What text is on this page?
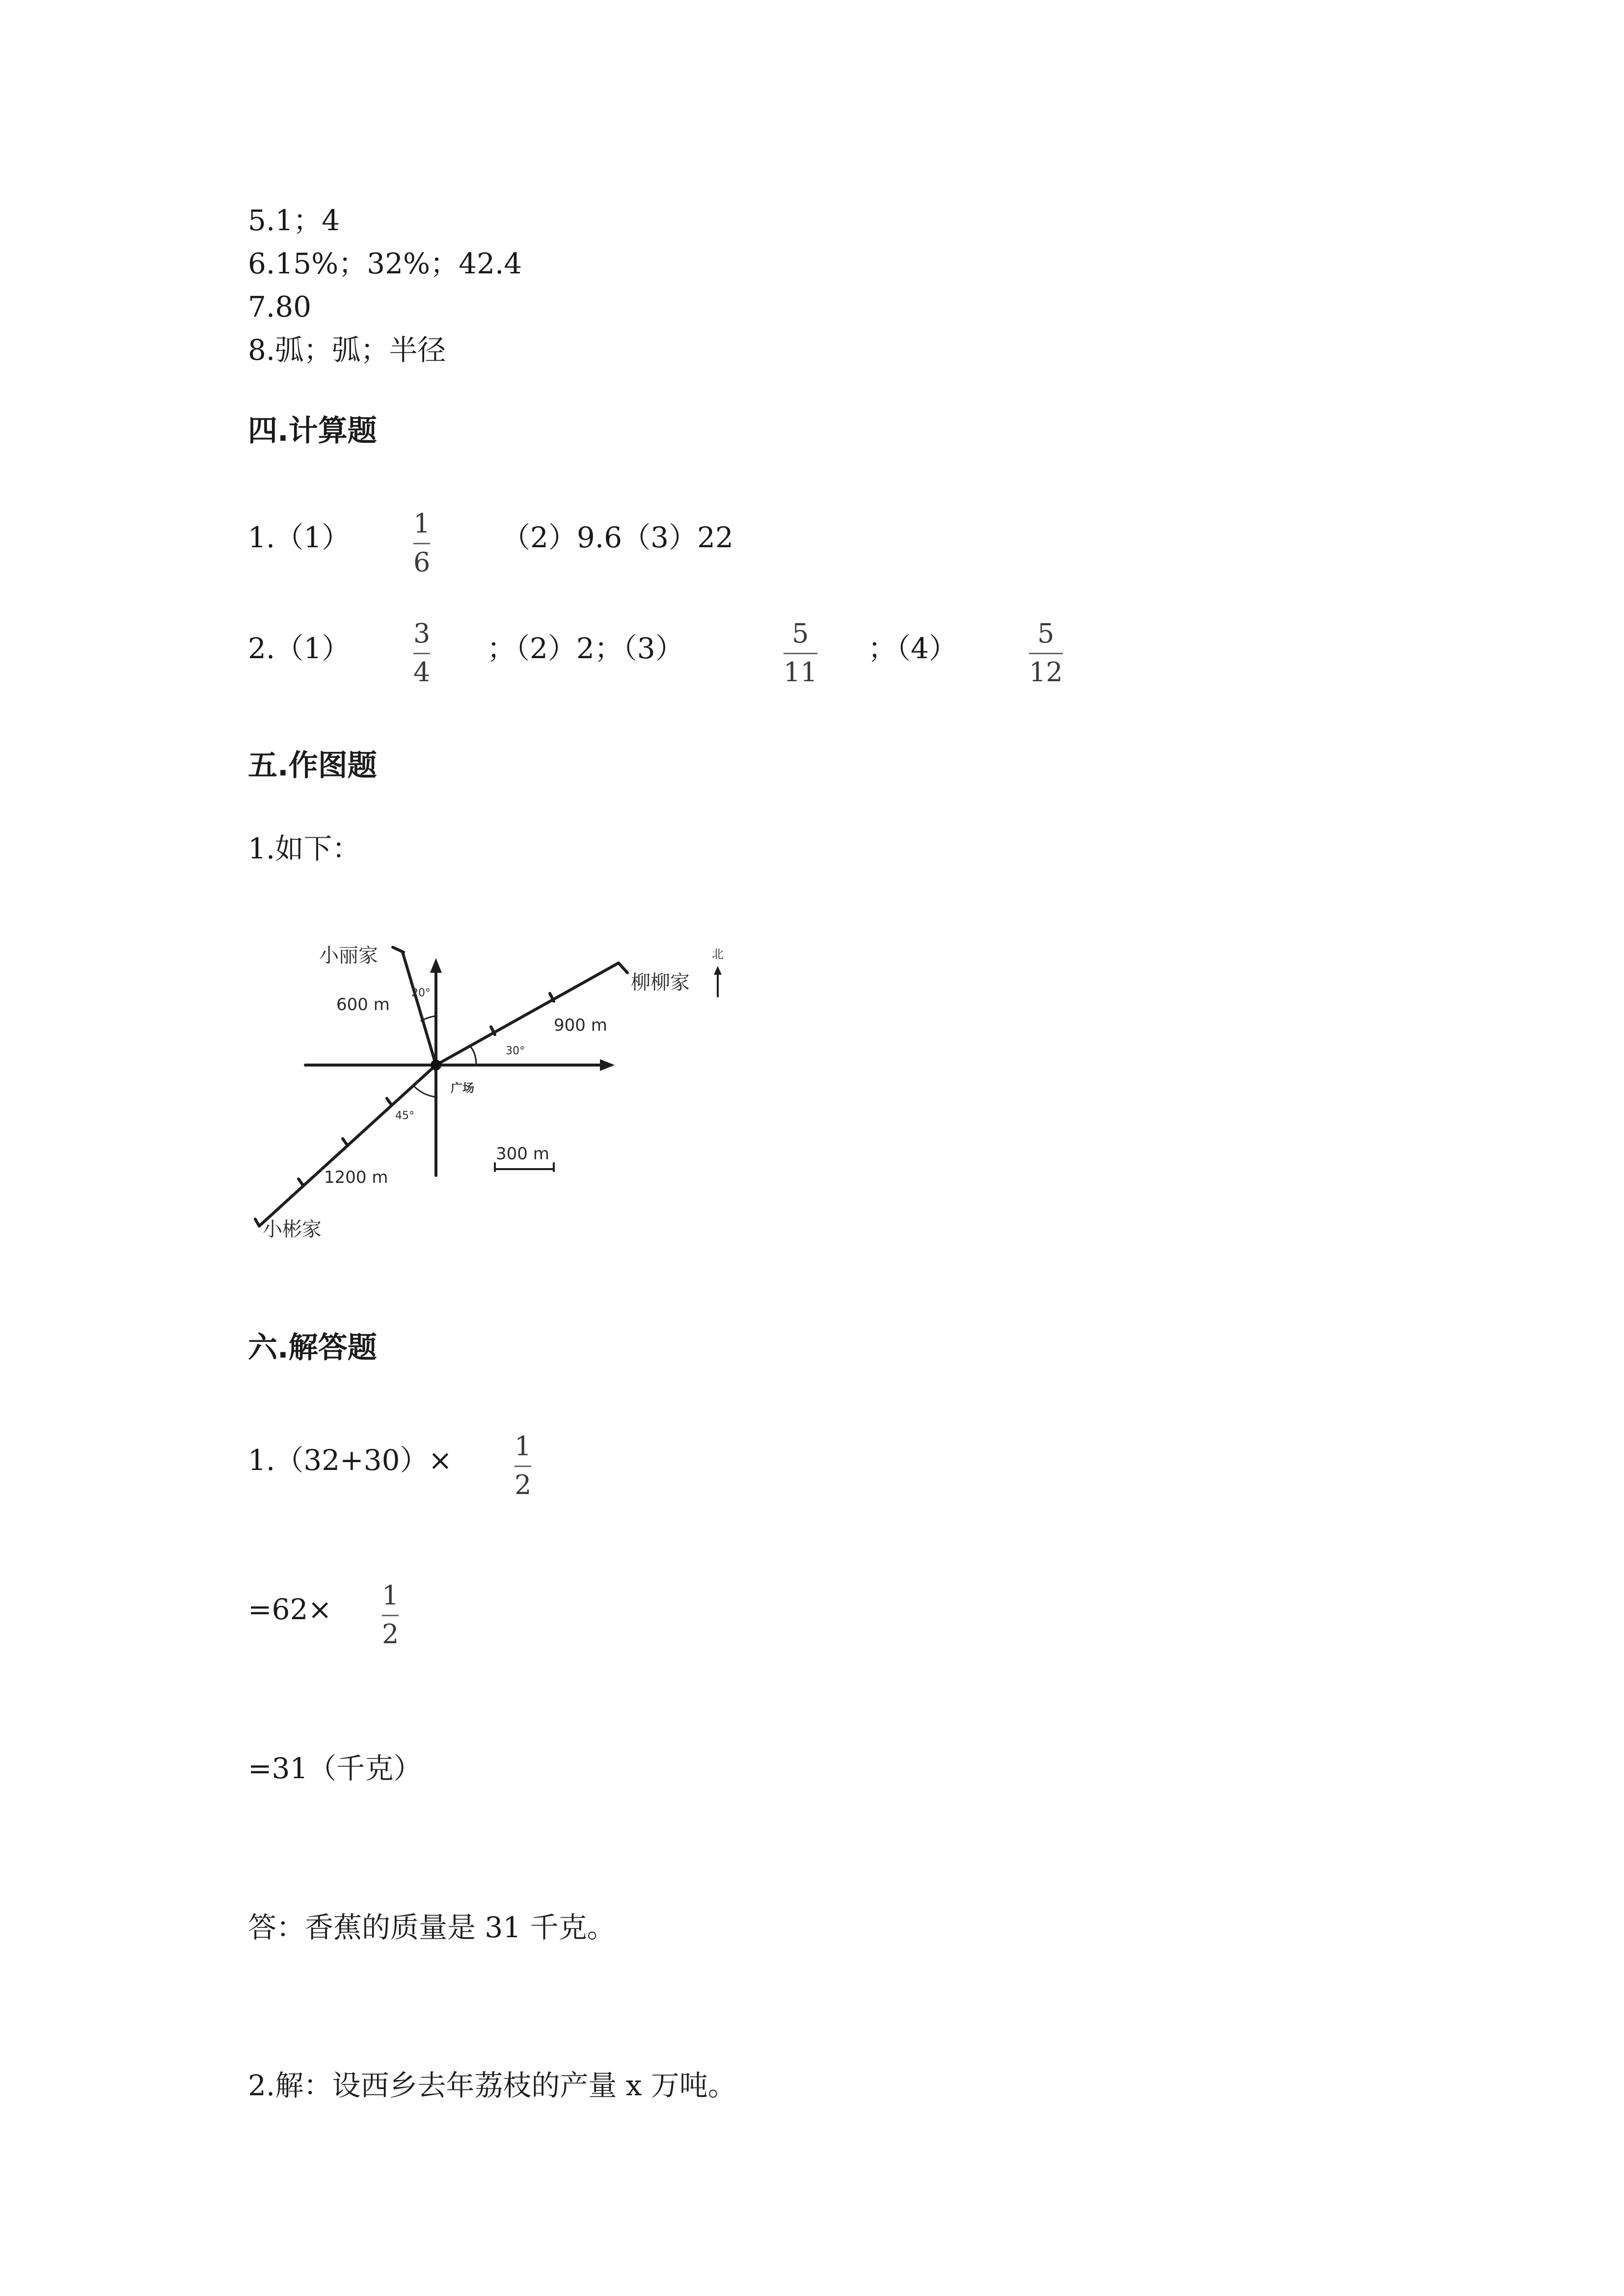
5.1；4
6.15%；32%；42.4
7.80
8.弧；弧；半径
四.计算题
1.（1） 1
6
（2）9.6（3）22
2.（1） 3
4
；（2）2；（3）	5
11
；（4）	5
12
五.作图题
1.如下：
小丽家
柳柳家
小彬家
广场
北
600 m
900 m
1200 m
300 m
20°
30°
45°
六.解答题
1.（32+30）× 1
2
=62× 1
2
=31（千克）
答：香蕉的质量是 31 千克。
2.解：设西乡去年荔枝的产量 x 万吨。
